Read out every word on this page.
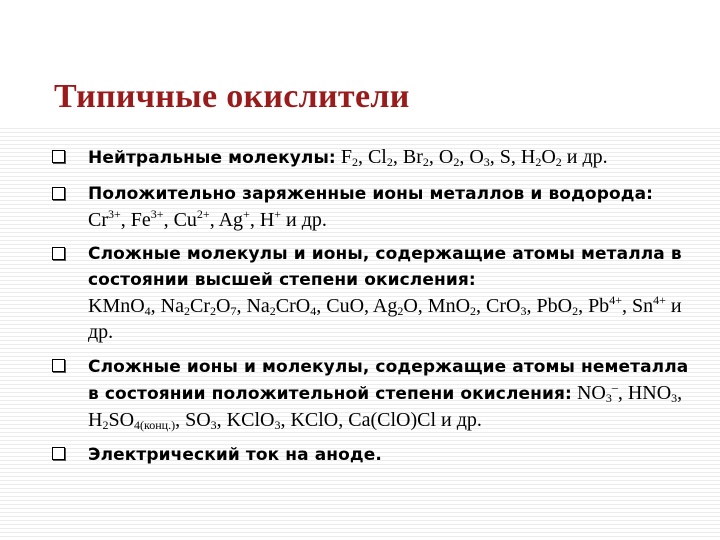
Типичные окислители
Нейтральные молекулы: $F_2$, $Cl_2$, $Br_2$, $O_2$, $O_3$, S, $H_2O_2$ и др.
Положительно заряженные ионы металлов и водорода:
$Cr^{3+}$, $Fe^{3+}$, $Cu^{2+}$, Ag+, H+ и др.
Сложные молекулы и ионы, содержащие атомы металла в состоянии высшей степени окисления:
KMnO$_4$, $Na_2Cr_2O_7$, $Na_2CrO_4$, CuO, $Ag_2O$, MnO$_2$, CrO$_3$, PbO$_2$, $Pb^{4+}$, $Sn^{4+}$ и др.
Сложные ионы и молекулы, содержащие атомы неметалла в состоянии положительной степени окисления: $NO_3^-$, $HNO_3$, $H_2SO_{4(конц.)}$, $SO_3$, KClO$_3$, KClO, Ca(ClO)Cl и др.
Электрический ток на аноде.
